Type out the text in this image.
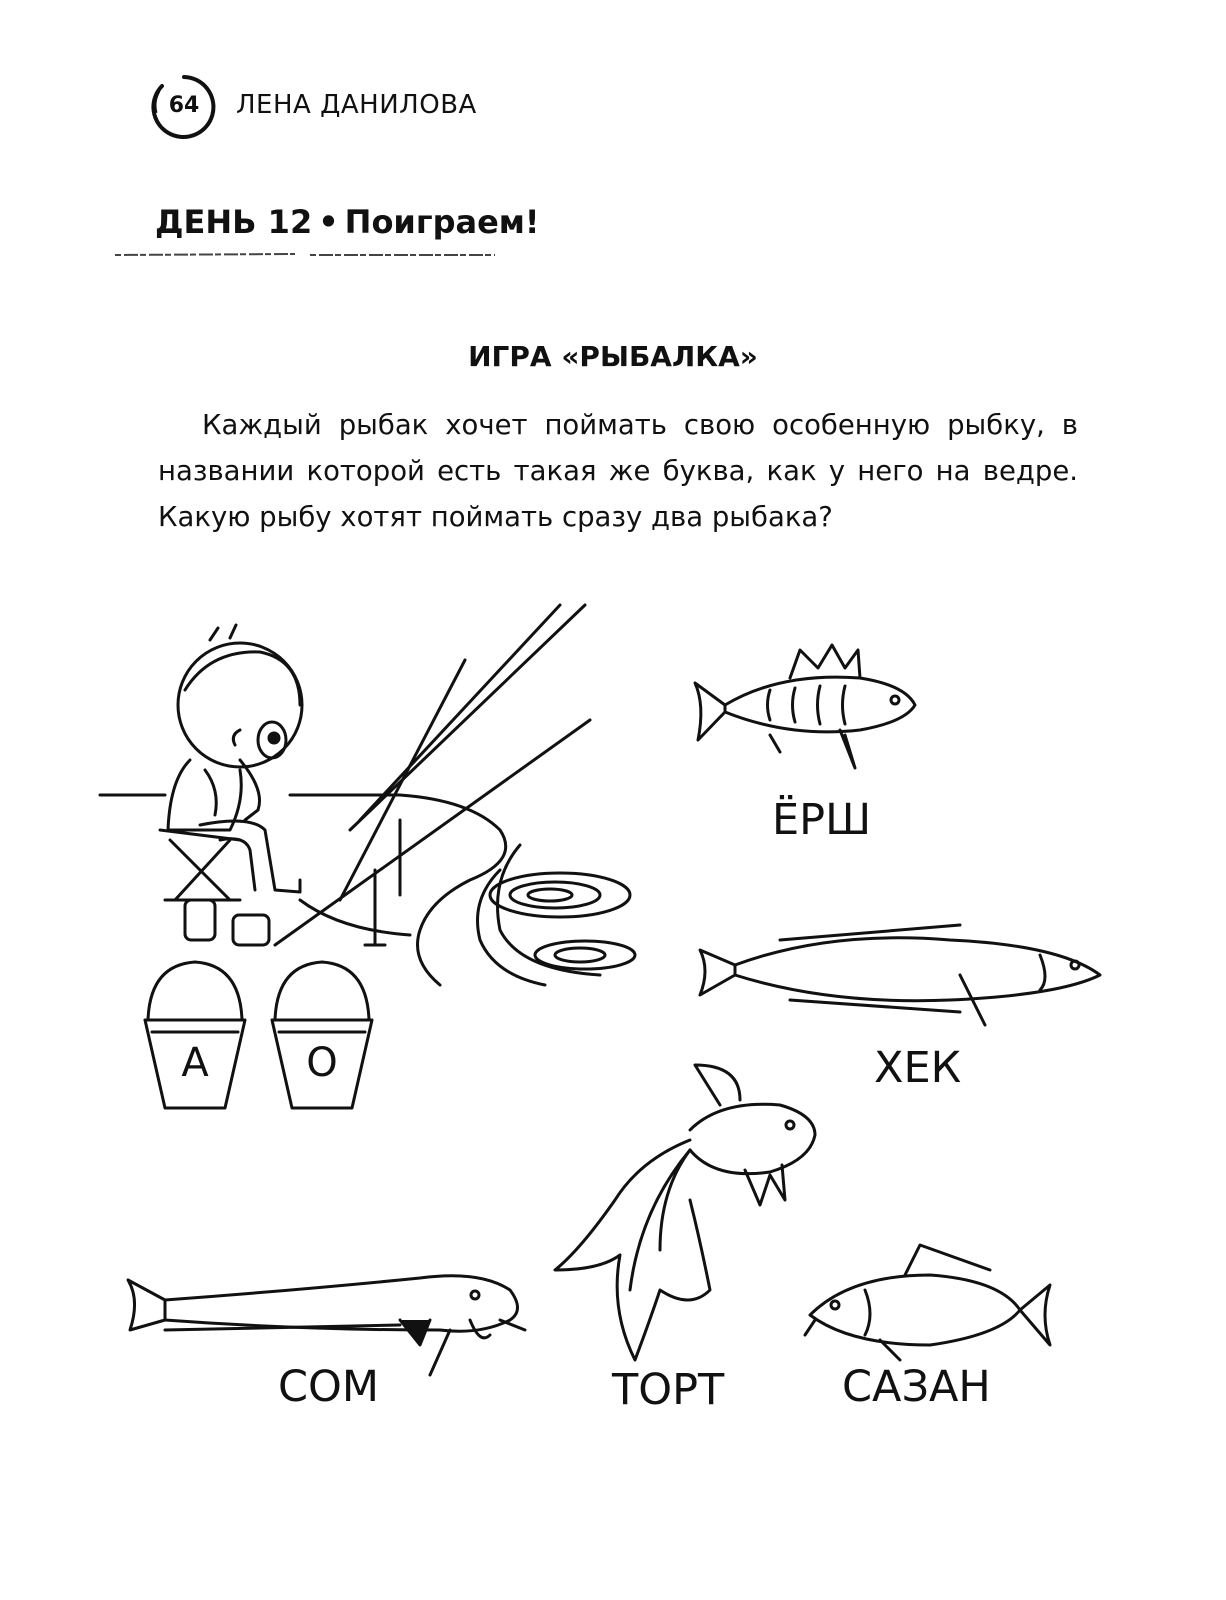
64	ЛЕНА ДАНИЛОВА
ДЕНЬ 12 • Поиграем!
ИГРА «РЫБАЛКА»
Каждый рыбак хочет поймать свою особенную рыбку, в названии которой есть такая же буква, как у него на ведре. Какую рыбу хотят поймать сразу два рыбака?
А	О
ЁРШ
ХЕК
СОМ	ТОРТ	САЗАН
